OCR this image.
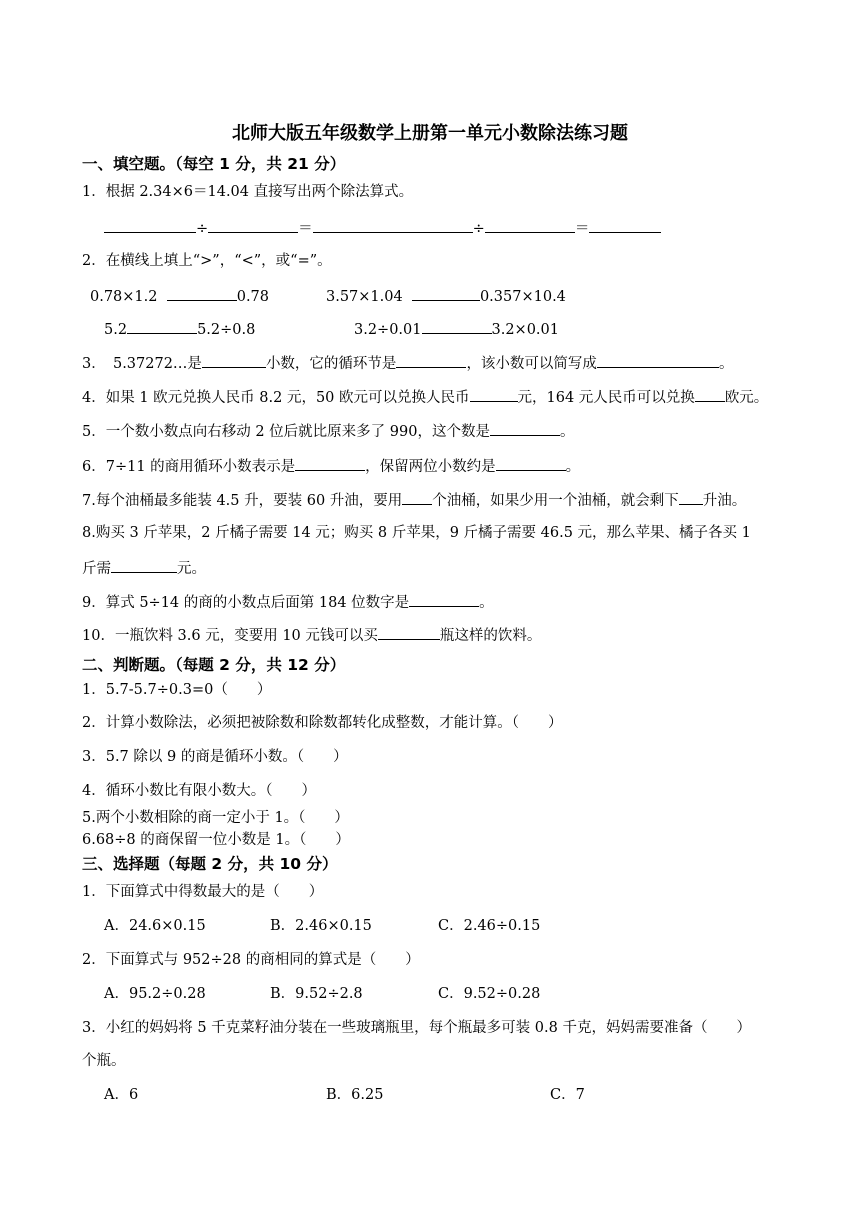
北师大版五年级数学上册第一单元小数除法练习题
一、填空题。（每空 1 分，共 21 分）
1．根据 2.34×6＝14.04 直接写出两个除法算式。
÷	＝	÷	＝
2．在横线上填上“>”，“<”，或“=”。
0.78×1.2	0.78	3.57×1.04	0.357×10.4
5.2	5.2÷0.8	3.2÷0.01	3.2×0.01
3．　5.37272…是	小数，它的循环节是	，该小数可以简写成	。
4．如果 1 欧元兑换人民币 8.2 元，50 欧元可以兑换人民币	元，164 元人民币可以兑换 欧元。
5．一个数小数点向右移动 2 位后就比原来多了 990，这个数是	。
6．7÷11 的商用循环小数表示是	，保留两位小数约是	。
7.每个油桶最多能装 4.5 升，要装 60 升油，要用 个油桶，如果少用一个油桶，就会剩下 升油。
8.购买 3 斤苹果，2 斤橘子需要 14 元；购买 8 斤苹果，9 斤橘子需要 46.5 元，那么苹果、橘子各买 1
斤需	元。
9．算式 5÷14 的商的小数点后面第 184 位数字是	。
10．一瓶饮料 3.6 元，变要用 10 元钱可以买	瓶这样的饮料。
二、判断题。（每题 2 分，共 12 分）
1．5.7-5.7÷0.3=0（　　）
2．计算小数除法，必须把被除数和除数都转化成整数，才能计算。（　　）
3．5.7 除以 9 的商是循环小数。（　　）
4．循环小数比有限小数大。（　　）
5.两个小数相除的商一定小于 1。（　　）
6.68÷8 的商保留一位小数是 1。（　　）
三、选择题（每题 2 分，共 10 分）
1．下面算式中得数最大的是（　　）
A．24.6×0.15	B．2.46×0.15	C．2.46÷0.15
2．下面算式与 952÷28 的商相同的算式是（　　）
A．95.2÷0.28	B．9.52÷2.8	C．9.52÷0.28
3．小红的妈妈将 5 千克菜籽油分装在一些玻璃瓶里，每个瓶最多可装 0.8 千克，妈妈需要准备（　　）
个瓶。
A．6	B．6.25	C．7
